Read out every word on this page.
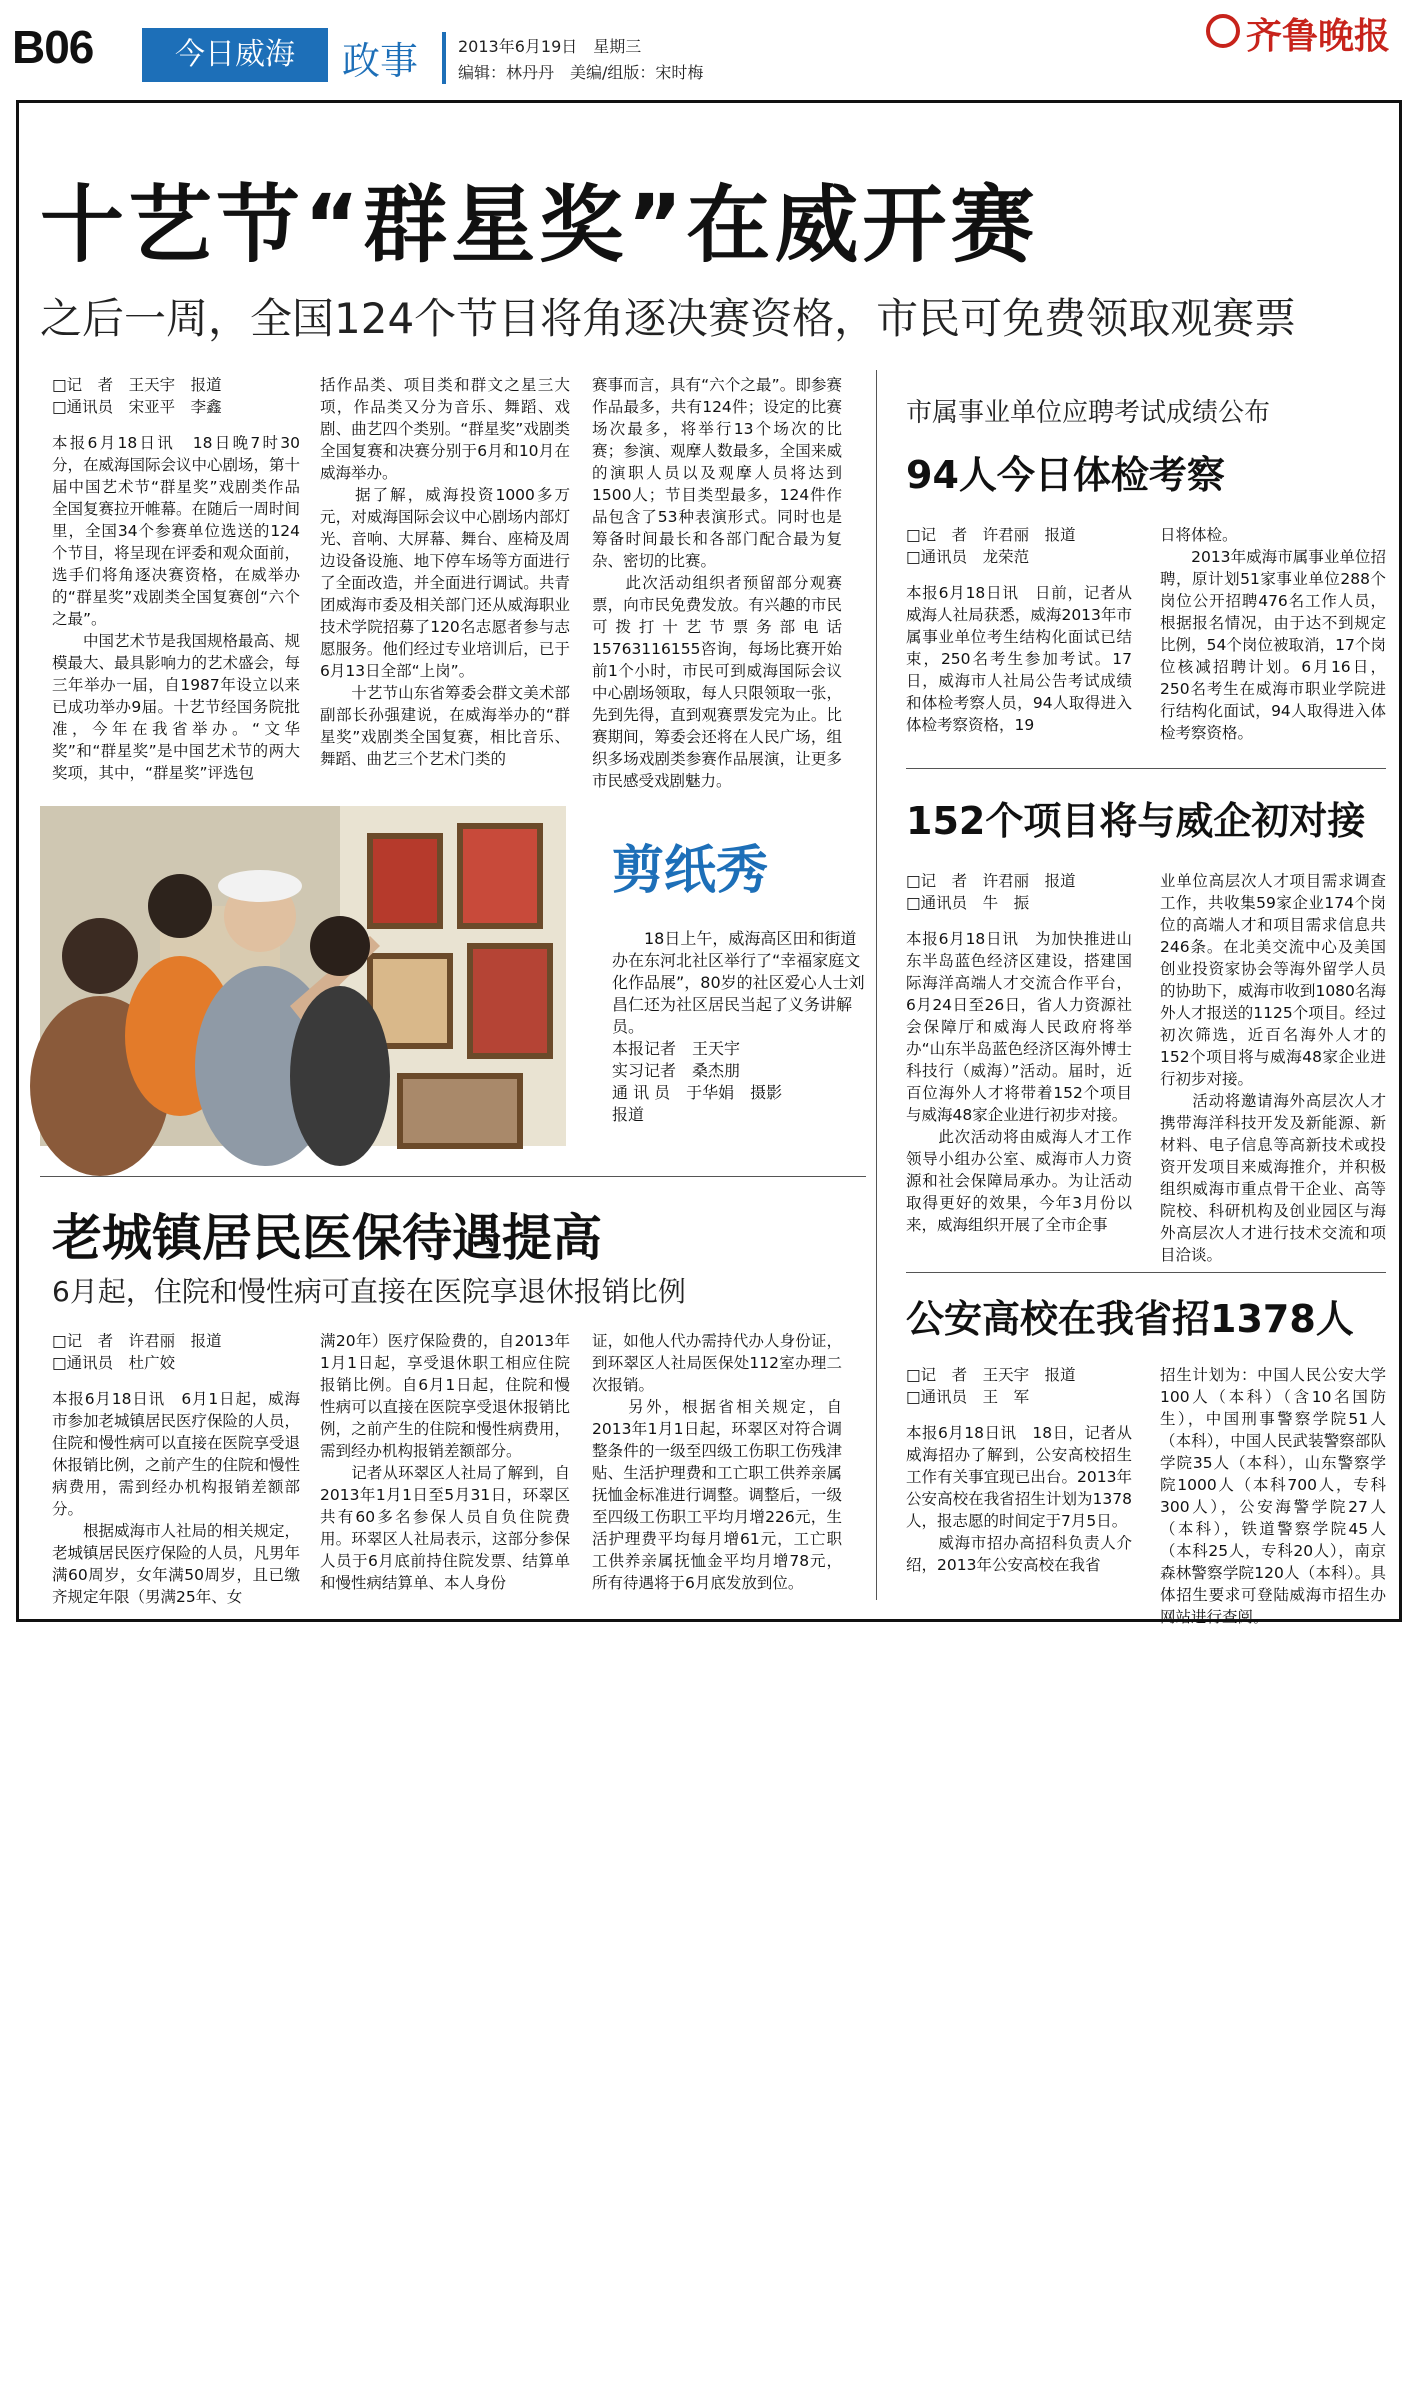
B06	今日威海	政事 2013年6月19日　星期三
编辑：林丹丹　美编/组版：宋时梅
齐鲁晚报
十艺节“群星奖”在威开赛
之后一周，全国124个节目将角逐决赛资格，市民可免费领取观赛票
□记　者　王天宇　报道
□通讯员　宋亚平　李鑫
本报6月18日讯　18日晚7时30分，在威海国际会议中心剧场，第十届中国艺术节“群星奖”戏剧类作品全国复赛拉开帷幕。在随后一周时间里，全国34个参赛单位选送的124个节目，将呈现在评委和观众面前，选手们将角逐决赛资格，在威举办的“群星奖”戏剧类全国复赛创“六个之最”。
　　中国艺术节是我国规格最高、规模最大、最具影响力的艺术盛会，每三年举办一届，自1987年设立以来已成功举办9届。十艺节经国务院批准，今年在我省举办。“文华奖”和“群星奖”是中国艺术节的两大奖项，其中，“群星奖”评选包
括作品类、项目类和群文之星三大项，作品类又分为音乐、舞蹈、戏剧、曲艺四个类别。“群星奖”戏剧类全国复赛和决赛分别于6月和10月在威海举办。
　　据了解，威海投资1000多万元，对威海国际会议中心剧场内部灯光、音响、大屏幕、舞台、座椅及周边设备设施、地下停车场等方面进行了全面改造，并全面进行调试。共青团威海市委及相关部门还从威海职业技术学院招募了120名志愿者参与志愿服务。他们经过专业培训后，已于6月13日全部“上岗”。
　　十艺节山东省筹委会群文美术部副部长孙强建说，在威海举办的“群星奖”戏剧类全国复赛，相比音乐、舞蹈、曲艺三个艺术门类的
赛事而言，具有“六个之最”。即参赛作品最多，共有124件；设定的比赛场次最多，将举行13个场次的比赛；参演、观摩人数最多，全国来威的演职人员以及观摩人员将达到1500人；节目类型最多，124件作品包含了53种表演形式。同时也是筹备时间最长和各部门配合最为复杂、密切的比赛。
　　此次活动组织者预留部分观赛票，向市民免费发放。有兴趣的市民可拨打十艺节票务部电话15763116155咨询，每场比赛开始前1个小时，市民可到威海国际会议中心剧场领取，每人只限领取一张，先到先得，直到观赛票发完为止。比赛期间，筹委会还将在人民广场，组织多场戏剧类参赛作品展演，让更多市民感受戏剧魅力。
剪纸秀
18日上午，威海高区田和街道办在东河北社区举行了“幸福家庭文化作品展”，80岁的社区爱心人士刘昌仁还为社区居民当起了义务讲解员。
本报记者　王天宇
实习记者　桑杰朋
通 讯 员　于华娟　摄影
报道
老城镇居民医保待遇提高
6月起，住院和慢性病可直接在医院享退休报销比例
□记　者　许君丽　报道
□通讯员　杜广姣
本报6月18日讯　6月1日起，威海市参加老城镇居民医疗保险的人员，住院和慢性病可以直接在医院享受退休报销比例，之前产生的住院和慢性病费用，需到经办机构报销差额部分。
　　根据威海市人社局的相关规定，老城镇居民医疗保险的人员，凡男年满60周岁，女年满50周岁，且已缴齐规定年限（男满25年、女
满20年）医疗保险费的，自2013年1月1日起，享受退休职工相应住院报销比例。自6月1日起，住院和慢性病可以直接在医院享受退休报销比例，之前产生的住院和慢性病费用，需到经办机构报销差额部分。
　　记者从环翠区人社局了解到，自2013年1月1日至5月31日，环翠区共有60多名参保人员自负住院费用。环翠区人社局表示，这部分参保人员于6月底前持住院发票、结算单和慢性病结算单、本人身份
证，如他人代办需持代办人身份证，到环翠区人社局医保处112室办理二次报销。
　　另外，根据省相关规定，自2013年1月1日起，环翠区对符合调整条件的一级至四级工伤职工伤残津贴、生活护理费和工亡职工供养亲属抚恤金标准进行调整。调整后，一级至四级工伤职工平均月增226元，生活护理费平均每月增61元，工亡职工供养亲属抚恤金平均月增78元，所有待遇将于6月底发放到位。
市属事业单位应聘考试成绩公布
94人今日体检考察
□记　者　许君丽　报道
□通讯员　龙荣范
本报6月18日讯　日前，记者从威海人社局获悉，威海2013年市属事业单位考生结构化面试已结束，250名考生参加考试。17日，威海市人社局公告考试成绩和体检考察人员，94人取得进入体检考察资格，19
日将体检。
　　2013年威海市属事业单位招聘，原计划51家事业单位288个岗位公开招聘476名工作人员，根据报名情况，由于达不到规定比例，54个岗位被取消，17个岗位核减招聘计划。6月16日，250名考生在威海市职业学院进行结构化面试，94人取得进入体检考察资格。
152个项目将与威企初对接
□记　者　许君丽　报道
□通讯员　牛　振
本报6月18日讯　为加快推进山东半岛蓝色经济区建设，搭建国际海洋高端人才交流合作平台，6月24日至26日，省人力资源社会保障厅和威海人民政府将举办“山东半岛蓝色经济区海外博士科技行（威海）”活动。届时，近百位海外人才将带着152个项目与威海48家企业进行初步对接。
　　此次活动将由威海人才工作领导小组办公室、威海市人力资源和社会保障局承办。为让活动取得更好的效果，今年3月份以来，威海组织开展了全市企事
业单位高层次人才项目需求调查工作，共收集59家企业174个岗位的高端人才和项目需求信息共246条。在北美交流中心及美国创业投资家协会等海外留学人员的协助下，威海市收到1080名海外人才报送的1125个项目。经过初次筛选，近百名海外人才的152个项目将与威海48家企业进行初步对接。
　　活动将邀请海外高层次人才携带海洋科技开发及新能源、新材料、电子信息等高新技术或投资开发项目来威海推介，并积极组织威海市重点骨干企业、高等院校、科研机构及创业园区与海外高层次人才进行技术交流和项目洽谈。
公安高校在我省招1378人
□记　者　王天宇　报道
□通讯员　王　军
本报6月18日讯　18日，记者从威海招办了解到，公安高校招生工作有关事宜现已出台。2013年公安高校在我省招生计划为1378人，报志愿的时间定于7月5日。
　　威海市招办高招科负责人介绍，2013年公安高校在我省
招生计划为：中国人民公安大学100人（本科）（含10名国防生），中国刑事警察学院51人（本科），中国人民武装警察部队学院35人（本科），山东警察学院1000人（本科700人，专科300人），公安海警学院27人（本科），铁道警察学院45人（本科25人，专科20人），南京森林警察学院120人（本科）。具体招生要求可登陆威海市招生办网站进行查阅。
